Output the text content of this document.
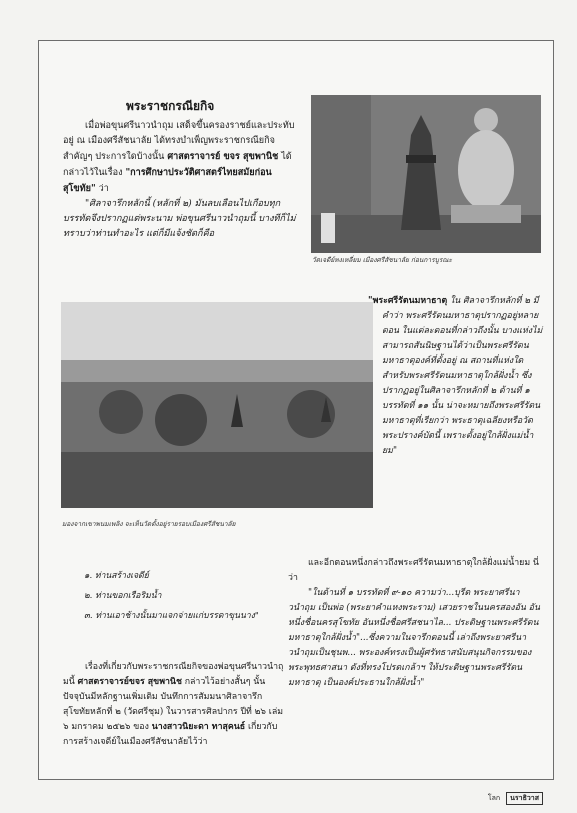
พระราชกรณียกิจ

เมื่อพ่อขุนศรีนาวนำถุม เสด็จขึ้นครองราชย์และประทับอยู่ ณ เมืองศรีสัชนาลัย ได้ทรงบำเพ็ญพระราชกรณียกิจสำคัญๆ ประการใดบ้างนั้น ศาสตราจารย์ ขจร สุขพานิช ได้กล่าวไว้ในเรื่อง "การศึกษาประวัติศาสตร์ไทยสมัยก่อนสุโขทัย" ว่า

"ศิลาจารึกหลักนี้ (หลักที่ ๒) มันลบเลือนไปเกือบทุกบรรทัดจึงปรากฏแต่พระนาม พ่อขุนศรีนาวนำถุมนี้ บางทีก็ไม่ทราบว่าท่านทำอะไร แต่ก็มีแจ้งชัดก็คือ

วัดเจดีย์หงเหลี่ยม เมืองศรีสัชนาลัย ก่อนการบูรณะ
มองจากเขาพนมเพลิง จะเห็นวัดตั้งอยู่รายรอบเมืองศรีสัชนาลัย

"พระศรีรัตนมหาธาตุ ใน ศิลาจารึกหลักที่ ๒ มีคำว่า พระศรีรัตนมหาธาตุปรากฏอยู่หลายตอน ในแต่ละตอนที่กล่าวถึงนั้น บางแห่งไม่สามารถสันนิษฐานได้ว่าเป็นพระศรีรัตนมหาธาตุองค์ที่ตั้งอยู่ ณ สถานที่แห่งใด สำหรับพระศรีรัตนมหาธาตุใกล้ฝั่งน้ำ ซึ่งปรากฏอยู่ในศิลาจารึกหลักที่ ๒ ด้านที่ ๑ บรรทัดที่ ๑๑ นั้น น่าจะหมายถึงพระศรีรัตนมหาธาตุที่เรียกว่า พระธาตุเฉลียงหรือวัดพระปรางค์บัดนี้ เพราะตั้งอยู่ใกล้ฝั่งแม่น้ำยม"

และอีกตอนหนึ่งกล่าวถึงพระศรีรัตนมหาธาตุใกล้ฝั่งแม่น้ำยม นี่ว่า

"ในด้านที่ ๑ บรรทัดที่ ๙-๑๐ ความว่า...บุรีด พระยาศรีนาวนำถุม เป็นพ่อ (พระยาคำแหงพระราม) เสวยราชในนครสองอัน อันหนึ่งชื่อนครสุโขทัย อันหนึ่งชื่อศรีสชนาไล... ประดิษฐานพระศรีรัตนมหาธาตุใกล้ฝั่งน้ำ"...ซึ่งความในจารึกตอนนี้ เล่าถึงพระยาศรีนาวนำถุมเป็นชุนพ... พระองค์ทรงเป็นผู้ศรัทธาสนับสนุนกิจกรรมของพระพุทธศาสนา ดังที่ทรงโปรดเกล้าฯ ให้ประดิษฐานพระศรีรัตนมหาธาตุ เป็นองค์ประธานใกล้ฝั่งน้ำ"

๑. ท่านสร้างเจดีย์
๒. ท่านขอกเรือริมน้ำ
๓. ท่านเอาช้างนั้นมาแจกจ่ายแก่บรรดาขุนนาง"

เรื่องที่เกี่ยวกับพระราชกรณียกิจของพ่อขุนศรีนาวนำถุมนี้ ศาสตราจารย์ขจร สุขพานิช กล่าวไว้อย่างสั้นๆ นั้น ปัจจุบันมีหลักฐานเพิ่มเติม บันทึกการสัมมนาศิลาจารึกสุโขทัยหลักที่ ๒ (วัดศรีชุม) ในวารสารศิลปากร ปีที่ ๒๖ เล่ม ๖ มกราคม ๒๕๒๖ ของ นางสาวนิยะดา ทาสุคนธ์ เกี่ยวกับการสร้างเจดีย์ในเมืองศรีสัชนาลัยไว้ว่า

โลก	นราธิวาส
